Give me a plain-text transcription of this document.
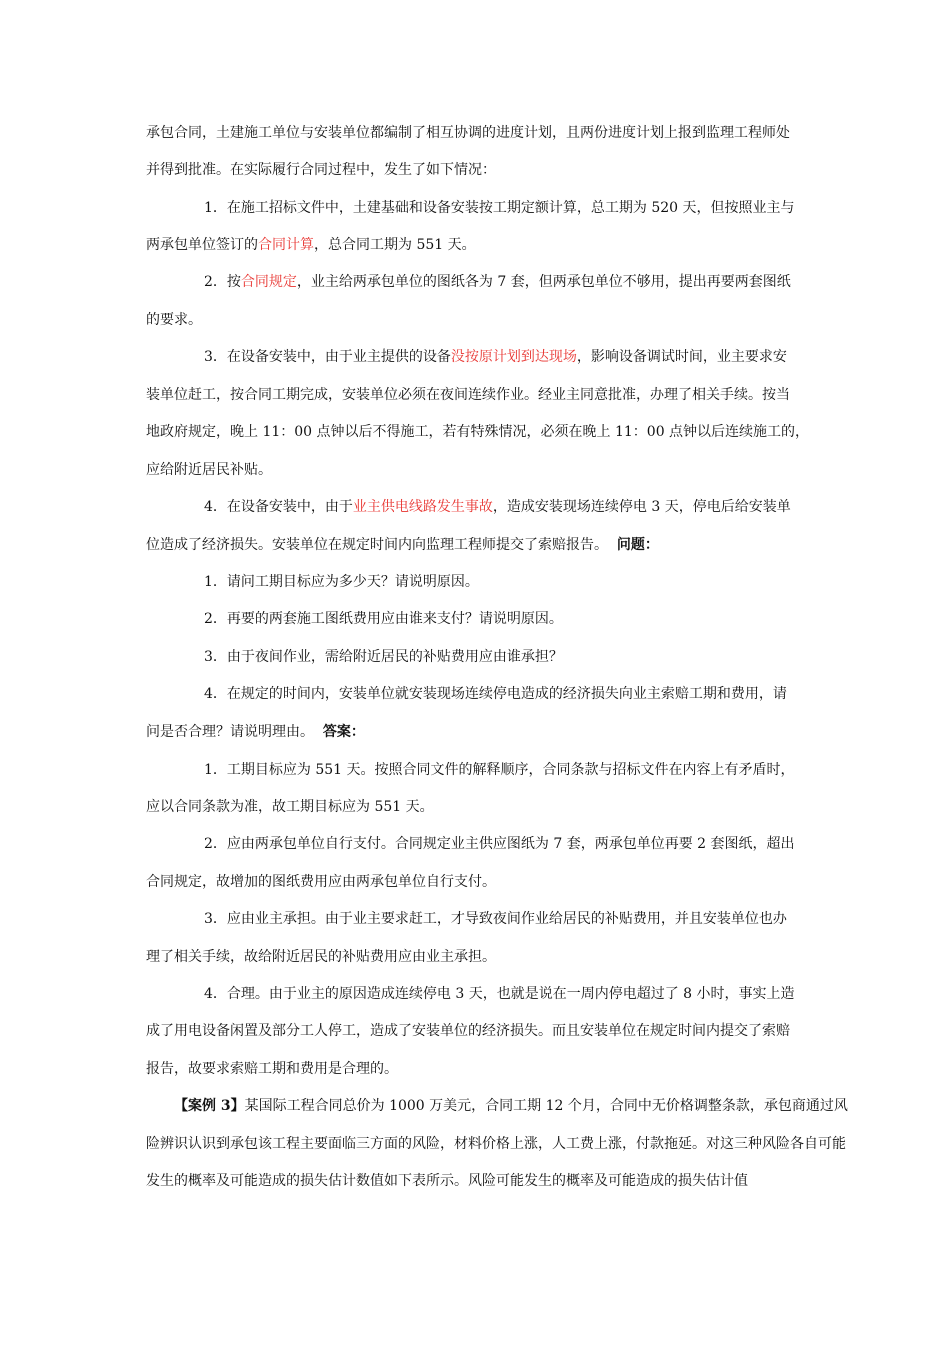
承包合同，土建施工单位与安装单位都编制了相互协调的进度计划，且两份进度计划上报到监理工程师处
并得到批准。在实际履行合同过程中，发生了如下情况：
1．在施工招标文件中，土建基础和设备安装按工期定额计算，总工期为 520 天，但按照业主与
两承包单位签订的合同计算，总合同工期为 551 天。
2．按合同规定，业主给两承包单位的图纸各为 7 套，但两承包单位不够用，提出再要两套图纸
的要求。
3．在设备安装中，由于业主提供的设备没按原计划到达现场，影响设备调试时间，业主要求安
装单位赶工，按合同工期完成，安装单位必须在夜间连续作业。经业主同意批准，办理了相关手续。按当
地政府规定，晚上 11：00 点钟以后不得施工，若有特殊情况，必须在晚上 11：00 点钟以后连续施工的，
应给附近居民补贴。
4．在设备安装中，由于业主供电线路发生事故，造成安装现场连续停电 3 天，停电后给安装单
位造成了经济损失。安装单位在规定时间内向监理工程师提交了索赔报告。 问题：
1．请问工期目标应为多少天？请说明原因。
2．再要的两套施工图纸费用应由谁来支付？请说明原因。
3．由于夜间作业，需给附近居民的补贴费用应由谁承担？
4．在规定的时间内，安装单位就安装现场连续停电造成的经济损失向业主索赔工期和费用，请
问是否合理？请说明理由。 答案：
1．工期目标应为 551 天。按照合同文件的解释顺序，合同条款与招标文件在内容上有矛盾时，
应以合同条款为准，故工期目标应为 551 天。
2．应由两承包单位自行支付。合同规定业主供应图纸为 7 套，两承包单位再要 2 套图纸，超出
合同规定，故增加的图纸费用应由两承包单位自行支付。
3．应由业主承担。由于业主要求赶工，才导致夜间作业给居民的补贴费用，并且安装单位也办
理了相关手续，故给附近居民的补贴费用应由业主承担。
4．合理。由于业主的原因造成连续停电 3 天，也就是说在一周内停电超过了 8 小时，事实上造
成了用电设备闲置及部分工人停工，造成了安装单位的经济损失。而且安装单位在规定时间内提交了索赔
报告，故要求索赔工期和费用是合理的。
【案例 3】某国际工程合同总价为 1000 万美元，合同工期 12 个月，合同中无价格调整条款，承包商通过风
险辨识认识到承包该工程主要面临三方面的风险，材料价格上涨，人工费上涨，付款拖延。对这三种风险各自可能
发生的概率及可能造成的损失估计数值如下表所示。风险可能发生的概率及可能造成的损失估计值
